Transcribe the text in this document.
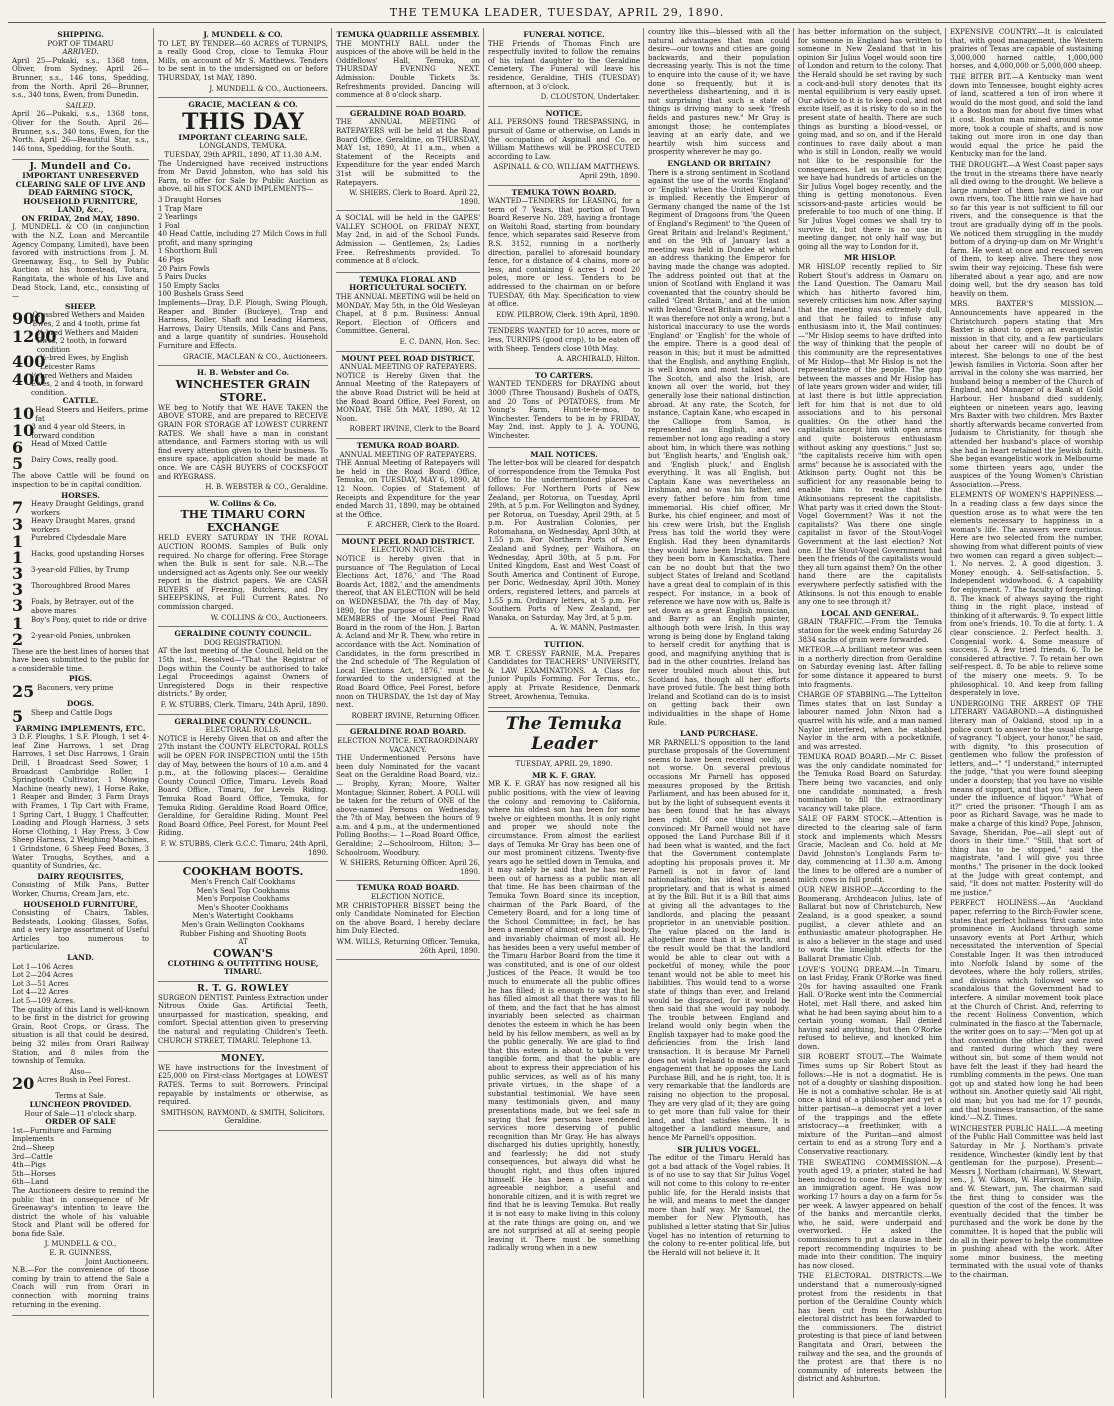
THE TEMUKA LEADER, TUESDAY, APRIL 29, 1890.
SHIPPING.
PORT OF TIMARU
ARRIVED.

April 25—Pukaki, s.s., 1368 tons, Oliver, from Sydney. April 26—Brunner, s.s., 146 tons, Spedding, from the North. April 26—Brunner, s.s., 340 tons, Ewen, from Dunedin.

SAILED.

April 26—Pukaki, s.s., 1368 tons, Oliver for the South. April 26—Brunner, s.s., 340 tons, Ewen, for the North. April 26—Beautiful Star, s.s., 146 tons, Spedding, for the South.

J. Mundell and Co.
IMPORTANT UNRESERVED CLEARING SALE OF LIVE AND DEAD FARMING STOCK, HOUSEHOLD FURNITURE, LAND, &c.,
ON FRIDAY, 2nd MAY, 1890.

J. MUNDELL & CO (in conjunction with the N.Z. Loan and Mercantile Agency Company, Limited), have been favored with instructions from J. M. Greenaway, Esq., to Sell by Public Auction at his homestead, Totara, Rangitata, the whole of his Live and Dead Stock, Land, etc., consisting of—

SHEEP.
900
Crossbred Wethers and Maiden Ewes, 2 and 4 tooth, prime fat
1200
½-bred Wethers and Maiden Ewes, 2 tooth, in forward condition
400
½-bred Ewes, by English Leicester Rams
400
½-bred Wethers and Maiden Ewes, 2 and 4 tooth, in forward condition.
CATTLE.
10 Head Steers and Heifers, prime fat
10
3 and 4 year old Steers, in forward condition
6	Head of Mixed Cattle
5	Dairy Cows, really good.

The above Cattle will be found on inspection to be in capital condition.

HORSES.
7	Heavy Draught Geldings, grand workers
3	Heavy Draught Mares, grand workers
1	Purebred Clydesdale Mare
1	Hacks, good upstanding Horses
3	3-year-old Fillies, by Trump
3	Thoroughbred Brood Mares
3	Foals, by Betrayer, out of the above mares
1	Boy's Pony, quiet to ride or drive
2	2-year-old Ponies, unbroken

These are the best lines of horses that have been submitted to the public for a considerable time.

PIGS.
25 Baconers, very prime
DOGS.
5	Sheep and Cattle Dogs
FARMING IMPLEMENTS, ETC.

3 D.F. Ploughs, 1 S.F. Plough, 1 set 4-leaf Zine Harrows, 1 set Drag Harrows, 1 set Disc Harrows, 1 Grain Drill, 1 Broadcast Seed Sower, 1 Broadcast Cambridge Roller, 1 Springtooth Cultivator, 1 Mowing Machine (nearly new), 1 Horse Rake, 1 Reaper and Binder, 3 Farm Drays with Frames, 1 Tip Cart with Frame, 1 Spring Cart, 1 Buggy, 1 Chaffcutter, Loading and Plough Harness, 3 sets Horse Clothing, 1 Hay Press, 3 Cow Sheep Harness, 2 Weighing Machines, 1 Grindstone, 6 Sheep Feed Boxes, 3 Water Troughs, Scythes, and a quantity of Sundries, &c.

DAIRY REQUISITES,

Consisting of Milk Pans, Butter Worker, Churns, Cream Jars, etc.

HOUSEHOLD FURNITURE,

Consisting of Chairs, Tables, Bedsteads, Looking Glasses, Sofas, and a very large assortment of Useful Articles too numerous to particularize.

LAND.
Lot 1—106 Acres
Lot 2—204 Acres
Lot 3—51 Acres
Lot 4—22 Acres
Lot 5—109 Acres.

The quality of this Land is well-known to be first in the district for growing Grain, Root Crops, or Grass. The situation is all that could be desired, being 32 miles from Orari Railway Station, and 8 miles from the township of Temuka.

Also—
20 Acres Bush in Peel Forest.
Terms at Sale.
LUNCHEON PROVIDED.
Hour of Sale—11 o'clock sharp.
ORDER OF SALE
1st—Furniture and Farming Implements
2nd—Sheep
3rd—Cattle
4th—Pigs
5th—Horses
6th—Land

The Auctioneers desire to remind the public that in consequence of Mr Greenaway's intention to leave the district the whole of his valuable Stock and Plant will be offered for bona fide Sale.

J. MUNDELL & CO.,
E. R. GUINNESS,
Joint Auctioneers.

N.B.—For the convenience of those coming by train to attend the Sale a Coach will run from Orari in connection with morning trains returning in the evening.

J. MUNDELL & CO.

TO LET, BY TENDER—60 ACRES of TURNIPS, a really Good Crop, close to Temuka Flour Mills, on account of Mr S. Matthews. Tenders to be sent in to the undersigned on or before THURSDAY, 1st MAY, 1890.

J. MUNDELL & CO., Auctioneers.
GRACIE, MACLEAN & CO.
THIS DAY
IMPORTANT CLEARING SALE.
LONGLANDS, TEMUKA.
TUESDAY, 29th APRIL, 1890, AT 11.30 A.M.

The Undersigned have received instructions from Mr David Johnston, who has sold his Farm, to offer for Sale by Public Auction as above, all his STOCK AND IMPLEMENTS—

3 Draught Horses
1 Trap Mare
2 Yearlings
1 Foal
40 Head Cattle, including 27 Milch Cows in full profit, and many springing
1 Shorthorn Bull
46 Pigs
20 Pairs Fowls
5 Pairs Ducks
150 Empty Sacks
100 Bushels Grass Seed

Implements—Dray, D.F. Plough, Swing Plough, Reaper and Binder (Buckeye), Trap and Harness, Roller, Shaft and Leading Harness, Harrows, Dairy Utensils, Milk Cans and Pans, and a large quantity of sundries. Household Furniture and Effects.

GRACIE, MACLEAN & CO., Auctioneers.
H. B. Webster and Co.
WINCHESTER GRAIN STORE.

WE beg to Notify that WE HAVE TAKEN the ABOVE STORE, and are prepared to RECEIVE GRAIN FOR STORAGE AT LOWEST CURRENT RATES. We shall have a man in constant attendance, and Farmers storing with us will find every attention given to their business. To ensure space, application should be made at once. We are CASH BUYERS of COCKSFOOT and RYEGRASS.

H. B. WEBSTER & CO., Geraldine.
W. Collins & Co.
THE TIMARU CORN EXCHANGE

HELD EVERY SATURDAY IN THE ROYAL AUCTION ROOMS. Samples of Bulk only required. No charge for offering. Free Storage when the Bulk is sent for sale. N.B.—The undersigned act as Agents only. See our weekly report in the district papers. We are CASH BUYERS of Freezing, Butchers, and Dry SHEEPSKINS, at Full Current Rates. No commission charged.

W. COLLINS & CO., Auctioneers.
GERALDINE COUNTY COUNCIL.
DOG REGISTRATION.

AT the last meeting of the Council, held on the 15th inst., Resolved—"That the Registrar of Dogs within the County be authorised to take Legal Proceedings against Owners of Unregistered Dogs in their respective districts." By order,

F. W. STUBBS, Clerk. Timaru, 24th April, 1890.
GERALDINE COUNTY COUNCIL.
ELECTORAL ROLLS.

NOTICE is Hereby Given that on and after the 27th instant the COUNTY ELECTORAL ROLLS will be OPEN FOR INSPECTION until the 15th day of May, between the hours of 10 a.m. and 4 p.m., at the following places:— Geraldine County Council Office, Timaru. Levels Road Board Office, Timaru, for Levels Riding. Temuka Road Board Office, Temuka, for Temuka Riding. Geraldine Road Board Office, Geraldine, for Geraldine Riding. Mount Peel Road Board Office, Peel Forest, for Mount Peel Riding.

F. W. STUBBS, Clerk G.C.C. Timaru, 24th April, 1890.
COOKHAM BOOTS.
Men's French Calf Cookhams
Men's Seal Top Cookhams
Men's Porpoise Cookhams
Men's Shooter Cookhams
Men's Watertight Cookhams
Men's Grain Wellington Cookhams
Rubber Fishing and Shooting Boots
AT
COWAN'S
CLOTHING & OUTFITTING HOUSE, TIMARU.
R. T. G. ROWLEY

SURGEON DENTIST. Painless Extraction under Nitrous Oxide Gas. Artificial Teeth, unsurpassed for mastication, speaking, and comfort. Special attention given to preserving the natural and regulating Children's Teeth. CHURCH STREET, TIMARU. Telephone 13.

MONEY.

WE have instructions for the Investment of £25,000 on First-class Mortgages at LOWEST RATES. Terms to suit Borrowers. Principal repayable by instalments or otherwise, as required.

SMITHSON, RAYMOND, & SMITH, Solicitors, Geraldine.
TEMUKA QUADRILLE ASSEMBLY.

THE MONTHLY BALL under the auspices of the above will be held in the Oddfellows' Hall, Temuka, on THURSDAY EVENING NEXT. Admission: Double Tickets 3s. Refreshments provided. Dancing will commence at 8 o'clock sharp.

GERALDINE ROAD BOARD.

THE ANNUAL MEETING of RATEPAYERS will be held at the Road Board Office, Geraldine, on THURSDAY, MAY 1st, 1890, At 11 a.m., when a Statement of the Receipts and Expenditure for the year ended March 31st will be submitted to the Ratepayers.

W. SHIERS, Clerk to Board. April 22, 1890.

A SOCIAL will be held in the GAPES' VALLEY SCHOOL on FRIDAY NEXT, May 2nd, in aid of the School Funds. Admission — Gentlemen, 2s; Ladies Free. Refreshments provided. To commence at 8 o'clock.

TEMUKA FLORAL AND HORTICULTURAL SOCIETY.

THE ANNUAL MEETING will be held on MONDAY, May 5th, in the Old Wesleyan Chapel, at 8 p.m. Business: Annual Report. Election of Officers and Committee. General.

E. C. DANN, Hon. Sec.
MOUNT PEEL ROAD DISTRICT.
ANNUAL MEETING OF RATEPAYERS.

NOTICE is Hereby Given that the Annual Meeting of the Ratepayers of the above Road District will be held at the Road Board Office, Peel Forest, on MONDAY, THE 5th MAY, 1890, At 12 Noon.

ROBERT IRVINE, Clerk to the Board
TEMUKA ROAD BOARD.
ANNUAL MEETING OF RATEPAYERS.

THE Annual Meeting of Ratepayers will be held in the Road Board Office, Temuka, on TUESDAY, MAY 6, 1890, At 12 Noon. Copies of Statement of Receipts and Expenditure for the year ended March 31, 1890, may be obtained at the Office.

F. ARCHER, Clerk to the Board.
MOUNT PEEL ROAD DISTRICT.
ELECTION NOTICE.

NOTICE is hereby given that in pursuance of 'The Regulation of Local Elections Act, 1876,' and 'The Road Boards Act, 1882,' and the amendments thereof, that AN ELECTION will be held on WEDNESDAY, the 7th day of May, 1890, for the purpose of Electing TWO MEMBERS of the Mount Peel Road Board in the room of the Hon. J. Barton A. Acland and Mr R. Thew, who retire in accordance with the Act. Nomination of Candidates, in the form prescribed in the 2nd schedule of 'The Regulation of Local Elections Act, 1876,' must be forwarded to the undersigned at the Road Board Office, Peel Forest, before noon on THURSDAY, the 1st day of May next.

ROBERT IRVINE, Returning Officer.
GERALDINE ROAD BOARD.
ELECTION NOTICE. EXTRAORDINARY VACANCY.

THE Undermentioned Persons have been duly Nominated for the vacant Seat on the Geraldine Road Board, viz.:— Brophy, Kyran; Moore, Walter Montague; Skinner, Robert. A POLL will be taken for the return of ONE of the above-named Persons on Wednesday, the 7th of May, between the hours of 9 a.m. and 4 p.m., at the undermentioned Polling Booths:— 1—Road Board Office, Geraldine; 2—Schoolroom, Hilton; 3—Schoolroom, Woodbury.

W. SHIERS, Returning Officer. April 26, 1890.
TEMUKA ROAD BOARD.
ELECTION NOTICE.

MR CHRISTOPHER BISSET being the only Candidate Nominated for Election on the above Board, I hereby declare him Duly Elected.

WM. WILLS, Returning Officer. Temuka, 26th April, 1890.
FUNERAL NOTICE.

THE Friends of Thomas Finch are respectfully invited to follow the remains of his infant daughter to the Geraldine Cemetery. The Funeral will leave his residence, Geraldine, THIS (TUESDAY) afternoon, at 3 o'clock.

D. CLOUSTON, Undertaker.
NOTICE.

ALL PERSONS found TRESPASSING, in pursuit of Game or otherwise, on Lands in the occupation of Aspinall and Co. or William Matthews will be PROSECUTED according to Law.

ASPINALL & CO. WILLIAM MATTHEWS. April 29th, 1890.
TEMUKA TOWN BOARD.

WANTED—TENDERS for LEASING, for a term of 7 Years, that portion of Town Board Reserve No. 289, having a frontage on Waitohi Road, starting from boundary fence, which separates said Reserve from R.S. 3152, running in a northerly direction, parallel to aforesaid boundary fence, for a distance of 4 chains, more or less, and containing 6 acres 1 rood 20 poles, more or less. Tenders to be addressed to the chairman on or before TUESDAY, 6th May. Specification to view at office.

EDW. PILBROW, Clerk. 19th April, 1890.

TENDERS WANTED for 10 acres, more or less, TURNIPS (good crop), to be eaten off with Sheep. Tenders close 10th May.

A. ARCHIBALD, Hilton.
TO CARTERS.

WANTED TENDERS for DRAYING about 3000 (Three Thousand) Bushels of OATS, and 20 Tons of POTATOES, from Mr Young's Farm, Hunt-te-te-moa, to Winchester. Tenders to be in by FRIDAY, May 2nd, inst. Apply to J. A. YOUNG, Winchester.

MAIL NOTICES.

The letter-box will be cleared for despatch of correspondence from the Temuka Post Office to the undermentioned places as follows: For Northern Ports of New Zealand, per Rotorua, on Tuesday, April 29th, at 5 p.m. For Wellington and Sydney, per Rotorua, on Tuesday, April 29th, at 5 p.m. For Australian Colonies, per Rotomahana, on Wednesday, April 30th, at 1.55 p.m. For Northern Ports of New Zealand and Sydney, per Waihora, on Wednesday, April 30th, at 5 p.m. For United Kingdom, East and West Coast of South America and Continent of Europe, per Doric, Wednesday, April 30th. Money orders, registered letters, and parcels at 1.55 p.m. Ordinary letters, at 5 p.m. For Southern Ports of New Zealand, per Wanaka, on Saturday, May 3rd, at 5 p.m.

A. W. MANN, Postmaster.
TUITION.

MR T. CRESSY FARNIE, M.A. Prepares Candidates for TEACHERS' UNIVERSITY, & LAW EXAMINATIONS. A Class for Junior Pupils Forming. For Terms, etc., apply at Private Residence, Denmark Street, Arowhenua, Temuka.

The Temuka Leader
TUESDAY, APRIL 29, 1890.
MR K. F. GRAY.

MR K. F. GRAY has now resigned all his public positions, with the view of leaving the colony and removing to California, where his oldest son has been for some twelve or eighteen months. It is only right and proper we should note the circumstance. From almost the earliest days of Temuka Mr Gray has been one of our most prominent citizens. Twenty-five years ago he settled down in Temuka, and it may safely be said that he has never been out of harness as a public man all that time. He has been chairman of the Temuka Town Board since its inception, chairman of the Park Board, of the Cemetery Board, and for a long time of the School Committee; in fact, he has been a member of almost every local body, and invariably chairman of most all. He has besides been a very useful member of the Timaru Harbor Board from the time it was constituted, and is one of our oldest Justices of the Peace. It would be too much to enumerate all the public offices he has filled; it is enough to say that he has filled almost all that there was to fill of them, and the fact that he has almost invariably been selected as chairman denotes the esteem in which he has been held by his fellow members, as well as by the public generally. We are glad to find that this esteem is about to take a very tangible form, and that the public are about to express their appreciation of his public services, as well as of his many private virtues, in the shape of a substantial testimonial. We have seen many testimonials given, and many presentations made, but we feel safe in saying that few persons have rendered services more deserving of public recognition than Mr Gray. He has always discharged his duties uprightly, honestly, and fearlessly; he did not study consequences, but always did what he thought right, and thus often injured himself. He has been a pleasant and agreeable neighbor, a useful and honorable citizen, and it is with regret we find that he is leaving Temuka. But really it is not easy to make living in this colony at the rate things are going on, and we are not surprised at all at seeing people leaving it. There must be something radically wrong when in a new

country like this—blessed with all the natural advantages that man could desire—our towns and cities are going backwards, and their population decreasing yearly. This is not the time to enquire into the cause of it; we have done so frequently, but it is nevertheless disheartening, and it is not surprising that such a state of things is driving many to seek "fresh fields and pastures new." Mr Gray is amongst those; he contemplates leaving at an early date, and we heartily wish him success and prosperity wherever he may go.

ENGLAND OR BRITAIN?

There is a strong sentiment in Scotland against the use of the words 'England' or 'English' when the United Kingdom is implied. Recently the Emperor of Germany changed the name of the 1st Regiment of Dragoons from 'the Queen of England's Regiment' to 'the Queen of Great Britain and Ireland's Regiment,' and on the 9th of January last a meeting was held in Dundee at which an address thanking the Emperor for having made the change was adopted. The address pointed out that at the union of Scotland with England it was covenanted that the country should be called 'Great Britain,' and at the union with Ireland 'Great Britain and Ireland.' It was therefore not only a wrong, but a historical inaccuracy to use the words 'England' or 'English' for the whole of the empire. There is a good deal of reason in this; but it must be admitted that the English, and anything English, is well known and most talked about. The Scotch, and also the Irish, are known all over the world, but they generally lose their national distinction abroad. At any rate, the Scotch, for instance, Captain Kane, who escaped in the Calliope from Samoa, is represented as English, and we remember not long ago reading a story about him, in which there was nothing but 'English hearts,' and 'English oak,' and 'English pluck,' and English everything. It was all English, but Captain Kane was nevertheless an Irishman, and so was his father, and every father before him from time immemorial. His chief officer, Mr Burke, his chief engineer, and most of his crew were Irish, but the English Press has told the world they were English. Had they been dynamitards they would have been Irish, even had they been born in Kamschatka. There can be no doubt but that the two subject States of Ireland and Scotland have a great deal to complain of in this respect. For instance, in a book of reference we have now with us, Balfe is set down as a great English musician, and Barry as an English painter, although both were Irish. In this way wrong is being done by England taking to herself credit for anything that is good, and magnifying anything that is bad in the other countries. Ireland has never troubled much about this, but Scotland has, though all her efforts have proved futile. The best thing both Ireland and Scotland can do is to insist on getting back their own individualities in the shape of Home Rule.

LAND PURCHASE.

MR PARNELL'S opposition to the land purchase proposals of the Government seems to have been received coldly, if not worse. On several previous occasions Mr Parnell has opposed measures proposed by the British Parliament, and has been abused for it, but by the light of subsequent events it has been found that he has always been right. Of one thing we are convinced: Mr Parnell would not have opposed the Land Purchase Bill if it had been what is wanted, and the fact that the Government contemplate adopting his proposals proves it. Mr Parnell is not in favor of land nationalisation; his ideal is peasant proprietary, and that is what is aimed at by the Bill. But it is a Bill that aims at giving all the advantages to the landlords, and placing the peasant proprietor in an unenviable position. The value placed on the land is altogether more than it is worth, and the result would be that the landlord would be able to clear out with a pocketful of money, while the poor tenant would not be able to meet his liabilities. This would tend to a worse state of things than ever, and Ireland would be disgraced, for it would be then said that she would pay nobody. The trouble between England and Ireland would only begin when the English taxpayer had to make good the deficiencies from the Irish land transaction. It is because Mr Parnell does not wish Ireland to make any such engagement that he opposes the Land Purchase Bill, and he is right, too. It is very remarkable that the landlords are raising no objection to the proposal. They are very glad of it; they are going to get more than full value for their land, and that satisfies them. It is altogether a landlord measure, and hence Mr Parnell's opposition.

SIR JULIUS VOGEL.

The editor of the Timaru Herald has got a bad attack of the Vogel rabies. It is of no use to say that Sir Julius Vogel will not come to this colony to re-enter public life, for the Herald insists that he will, and means to meet the danger more than half way. Mr Samuel, the member for New Plymouth, has published a letter stating that Sir Julius Vogel has no intention of returning to the colony to re-enter political life, but the Herald will not believe it. It

has better information on the subject, for someone in England has written to someone in New Zealand that in his opinion Sir Julius Vogel would soon tire of London and return to the colony. That the Herald should be set raving by such a cock-and-bull story denotes that its mental equilibrium is very easily upset. Our advice to it is to keep cool, and not excite itself, as it is risky to do so in the present state of health. There are such things as bursting a blood-vessel, or going mad, and so on, and if the Herald continues to rave daily about a man who is still in London, really we would not like to be responsible for the consequences. Let us have a change; we have had hundreds of articles on the Sir Julius Vogel bogey recently, and the thing is getting monotonous. Even scissors-and-paste articles would be preferable to too much of one thing. If Sir Julius Vogel comes we shall try to survive it, but there is no use in meeting danger, not only half way, but going all the way to London for it.

MR HISLOP.

MR HISLOP recently replied to Sir Robert Stout's address in Oamaru on the Land Question. The Oamaru Mail which has hitherto favored him, severely criticises him now. After saying that the meeting was extremely dull, and that he failed to infuse any enthusiasm into it, the Mail continues:—"Mr Hislop seems to have drifted into the way of thinking that the people of this community are the representatives of Mr Hislop—that Mr Hislop is not the representative of the people. The gap between the masses and Mr Hislop has of late years grown wider and wider, till at last there is but little appreciation left for him that is not due to old associations and to his personal qualities. On the other hand the capitalists accept him with open arms and quite boisterous enthusiasm without asking any questions." Just so; "the capitalists receive him with open arms" because he is associated with the Atkinson party. Ought not this be sufficient for any reasonable being to enable him to realise that the Atkinsonians represent the capitalists. What party was it cried down the Stout-Vogel Government? Was it not the capitalists? Was there one single capitalist in favor of the Stout-Vogel Government at the last election? Not one. If the Stout-Vogel Government had been the friends of the capitalists would they all turn against them? On the other hand there are the capitalists everywhere perfectly satisfied with the Atkinsons. Is not this enough to enable any one to see through it?

LOCAL AND GENERAL.

GRAIN TRAFFIC.—From the Temuka station for the week ending Saturday 26 3834 sacks of grain were forwarded.

METEOR.—A brilliant meteor was seen in a northerly direction from Geraldine on Saturday evening last. After falling for some distance it appeared to burst into fragments.

CHARGE OF STABBING.—The Lyttelton Times states that on last Sunday a labourer named John Nixon had a quarrel with his wife, and a man named Naylor interfered, when he stabbed Naylor in the arm with a pocketknife, and was arrested.

TEMUKA ROAD BOARD.—Mr C. Bisset was the only candidate nominated for the Temuka Road Board on Saturday. There being two vacancies, and only one candidate nominated, a fresh nomination to fill the extraordinary vacancy will take place.

SALE OF FARM STOCK.—Attention is directed to the clearing sale of farm stock and implements which Messrs Gracie, Maclean and Co. hold at Mr David Johnston's Longlands Farm to-day, commencing at 11.30 a.m. Among the lines to be offered are a number of milch cows in full profit.

OUR NEW BISHOP.—According to the Boomerang, Archdeacon Julius, late of Ballarat but now of Christchurch, New Zealand, is a good speaker, a sound pugilist, a clever athlete and an enthusiastic amateur photographer. He is also a believer in the stage and used to work the limelight effects for the Ballarat Dramatic Club.

LOVE'S YOUNG DREAM.—In Timaru, on last Friday, Frank O'Rorke was fined 20s for having assaulted one Frank Hall. O'Rorke went into the Commercial Hotel, met Hall there, and asked him what he had been saying about him to a certain young woman. Hall denied having said anything, but then O'Rorke refused to believe, and knocked him down.

SIR ROBERT STOUT.—The Waimate Times sums up Sir Robert Stout as follows:—He is not a dogmatist. He is not of a doughty or slashing disposition. He is not a combative scholar. He is at once a kind of a philosopher and yet a bitter partisan—a democrat yet a lover of the trappings and the effete aristocracy—a freethinker, with a mixture of the Puritan—and almost certain to end as a strong Tory and a Conservative reactionary.

THE SWEATING COMMISSION.—A youth aged 19, a printer, stated he had been induced to come from England by an immigration agent. He was now working 17 hours a day on a farm for 5s per week. A lawyer appeared on behalf of the banks and mercantile clerks, who, he said, were underpaid and overworked. He asked the commissioners to put a clause in their report recommending inquiries to be made into their condition. The inquiry has now closed.

THE ELECTORAL DISTRICTS.—We understand that a numerously-signed protest from the residents in that portion of the Geraldine County which has been cut from the Ashburton electoral district has been forwarded to the commissioners. The district protesting is that piece of land between Rangitata and Orari, between the railway and the sea, and the grounds of the protest are that there is no community of interests between the district and Ashburton.

EXPENSIVE COUNTRY.—It is calculated that, with good management, the Western prairies of Texas are capable of sustaining 3,000,000 horned cattle, 1,000,000 horses, and 4,000,000 or 5,000,000 sheep.

THE BITER BIT.—A Kentucky man went down into Tennessee, bought eighty acres of land, scattered a ton of iron where it would do the most good, and sold the land to a Boston man for about five times what it cost. Boston man mined around some more, took a couple of shafts, and is now taking out more iron in one day than would equal the price he paid the Kentucky man for the land.

THE DROUGHT.—A West Coast paper says the trout in the streams there have nearly all died owing to the drought. We believe a large number of them have died in our own rivers, too. The little rain we have had so far this year is not sufficient to fill our rivers, and the consequence is that the trout are gradually dying off in the pools. We noticed them struggling in the muddy bottom of a drying-up dam on Mr Wright's farm. He went at once and rescued seven of them, to keep alive. There they now swim their way rejoicing. These fish were liberated about a year ago, and are now doing well, but the dry season has told heavily on them.

MRS. BAXTER'S MISSION.—Announcements have appeared in the Christchurch papers stating that Mrs Baxter is about to open an evangelistic mission in that city, and a few particulars about her career will no doubt be of interest. She belongs to one of the best Jewish families in Victoria. Soon after her arrival in the colony she was married, her husband being a member of the Church of England, and Manager of a Bank at Gold Harbour. Her husband died suddenly, eighteen or nineteen years ago, leaving Mrs Baxter with two children. Mrs Baxter shortly afterwards became converted from Judaism to Christianity, for though she attended her husband's place of worship she had in heart retained the Jewish faith. She began evangelistic work in Melbourne some thirteen years ago, under the auspices of the Young Women's Christian Association.—Press.

ELEMENTS OF WOMEN'S HAPPINESS.—In a reading class a few days since the question arose as to what were the ten elements necessary to happiness in a woman's life. The answers were curious. Here are two selected from the number, showing from what different points of view two women can regard a given subject:—1. No nerves. 2. A good digestion. 3. Money enough. 4. Self-satisfaction. 5. Independent widowhood. 6. A capability for enjoyment. 7. The faculty of forgetting. 8. The knack of always saying the right thing in the right place, instead of thinking of it afterwards. 9. To expect little from one's friends. 10. To die at forty. 1. A clear conscience. 2. Perfect health. 3. Congenial work. 4. Some measure of success. 5. A few tried friends. 6. To be considered attractive. 7. To retain her own self-respect. 8. To be able to relieve some of the misery one meets. 9. To be philosophical. 10. And keep from falling desperately in love.

UNDERGOING THE ARREST OF THE LITERARY VAGABOND.—A distinguished literary man of Oakland, stood up in a police court to answer to the usual charge of vagrancy. "I object, your honor," he said, with dignity, "to this prosecution of gentlemen who follow the profession of letters, and—" "I understand," interrupted the judge, "that you were found sleeping under a doorstep; that you have no visible means of support, and that you have been under the influence of liquor." "What of it?" cried the prisoner. "Though I am as poor as Richard Savage, was he made to make a charge of this kind? Pope, Johnson, Savage, Sheridan, Poe—all slept out of doors in their time." "Still, that sort of thing has to be stopped," said the magistrate, "and I will give you three months." The prisoner in the dock looked at the Judge with great contempt, and said, "It does not matter. Posterity will do me justice."

PERFECT HOLINESS.—An 'Auckland paper, referring to the Birch-Fowler scene, states that perfect holiness 'first came into prominence in Auckland through some unsavory events at Port Arthur, which necessitated the intervention of Special Constable Inger. It was then introduced into Norfolk Island by some of the devotees, where the holy rollers, strifes, and divisions which followed were so scandalous that the Government had to interfere. A similar movement took place at the Church of Christ. And, referring to the recent Holiness Convention, which culminated in the fiasco at the Tabernacle, the writer goes on to say:—"Men got up at that convention the other day and raved and ranted during which they were without sin, but some of them would not have felt the least if they had heard the rumbling comments in the pews. One man got up and stated how long he had been without sin. Another quietly said 'All right, old man; but you had me for 17 pounds, and that business transaction, of the same kind.'—N.Z. Times.

WINCHESTER PUBLIC HALL.—A meeting of the Public Hall Committee was held last Saturday in Mr J. Northam's private residence, Winchester (kindly lent by that gentleman for the purpose). Present:—Messrs J. Northam (chairman), W. Stewart, sen., J. W. Gibson, W. Harrison, W. Philp, and W. Stewart, jun. The chairman said the first thing to consider was the question of the cost of the fences. It was eventually decided that the timber be purchased and the work be done by the committee. It is hoped that the public will do all in their power to help the committee in pushing ahead with the work. After some minor business, the meeting terminated with the usual vote of thanks to the chairman.
